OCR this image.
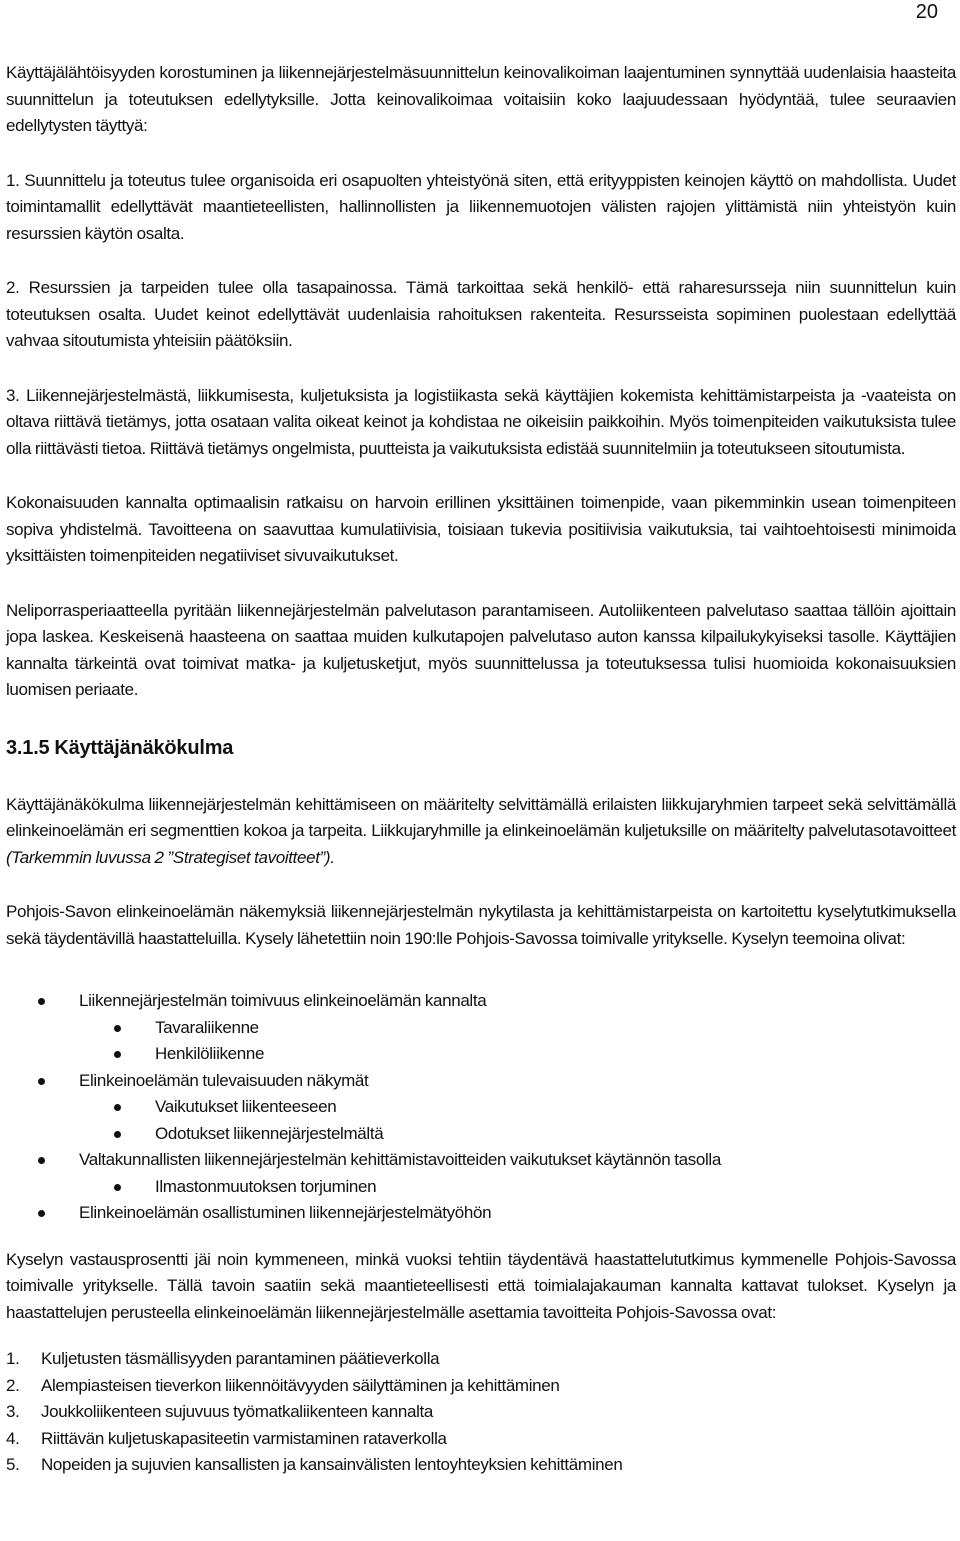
20

Käyttäjälähtöisyyden korostuminen ja liikennejärjestelmäsuunnittelun keinovalikoiman laajentuminen synnyttää uudenlaisia haasteita suunnittelun ja toteutuksen edellytyksille. Jotta keinovalikoimaa voitaisiin koko laajuudessaan hyödyntää, tulee seuraavien edellytysten täyttyä:

1. Suunnittelu ja toteutus tulee organisoida eri osapuolten yhteistyönä siten, että erityyppisten keinojen käyttö on mahdollista. Uudet toimintamallit edellyttävät maantieteellisten, hallinnollisten ja liikennemuotojen välisten rajojen ylittämistä niin yhteistyön kuin resurssien käytön osalta.

2. Resurssien ja tarpeiden tulee olla tasapainossa. Tämä tarkoittaa sekä henkilö- että raharesursseja niin suunnittelun kuin toteutuksen osalta. Uudet keinot edellyttävät uudenlaisia rahoituksen rakenteita. Resursseista sopiminen puolestaan edellyttää vahvaa sitoutumista yhteisiin päätöksiin.

3. Liikennejärjestelmästä, liikkumisesta, kuljetuksista ja logistiikasta sekä käyttäjien kokemista kehittämistarpeista ja -vaateista on oltava riittävä tietämys, jotta osataan valita oikeat keinot ja kohdistaa ne oikeisiin paikkoihin. Myös toimenpiteiden vaikutuksista tulee olla riittävästi tietoa. Riittävä tietämys ongelmista, puutteista ja vaikutuksista edistää suunnitelmiin ja toteutukseen sitoutumista.

Kokonaisuuden kannalta optimaalisin ratkaisu on harvoin erillinen yksittäinen toimenpide, vaan pikemminkin usean toimenpiteen sopiva yhdistelmä. Tavoitteena on saavuttaa kumulatiivisia, toisiaan tukevia positiivisia vaikutuksia, tai vaihtoehtoisesti minimoida yksittäisten toimenpiteiden negatiiviset sivuvaikutukset.

Neliporrasperiaatteella pyritään liikennejärjestelmän palvelutason parantamiseen. Autoliikenteen palvelutaso saattaa tällöin ajoittain jopa laskea. Keskeisenä haasteena on saattaa muiden kulkutapojen palvelutaso auton kanssa kilpailukykyiseksi tasolle. Käyttäjien kannalta tärkeintä ovat toimivat matka- ja kuljetusketjut, myös suunnittelussa ja toteutuksessa tulisi huomioida kokonaisuuksien luomisen periaate.

3.1.5 Käyttäjänäkökulma

Käyttäjänäkökulma liikennejärjestelmän kehittämiseen on määritelty selvittämällä erilaisten liikkujaryhmien tarpeet sekä selvittämällä elinkeinoelämän eri segmenttien kokoa ja tarpeita. Liikkujaryhmille ja elinkeinoelämän kuljetuksille on määritelty palvelutasotavoitteet (Tarkemmin luvussa 2 ”Strategiset tavoitteet”).

Pohjois-Savon elinkeinoelämän näkemyksiä liikennejärjestelmän nykytilasta ja kehittämistarpeista on kartoitettu kyselytutkimuksella sekä täydentävillä haastatteluilla. Kysely lähetettiin noin 190:lle Pohjois-Savossa toimivalle yritykselle. Kyselyn teemoina olivat:

Liikennejärjestelmän toimivuus elinkeinoelämän kannalta
Tavaraliikenne
Henkilöliikenne
Elinkeinoelämän tulevaisuuden näkymät
Vaikutukset liikenteeseen
Odotukset liikennejärjestelmältä
Valtakunnallisten liikennejärjestelmän kehittämistavoitteiden vaikutukset käytännön tasolla
Ilmastonmuutoksen torjuminen
Elinkeinoelämän osallistuminen liikennejärjestelmätyöhön

Kyselyn vastausprosentti jäi noin kymmeneen, minkä vuoksi tehtiin täydentävä haastattelututkimus kymmenelle Pohjois-Savossa toimivalle yritykselle. Tällä tavoin saatiin sekä maantieteellisesti että toimialajakauman kannalta kattavat tulokset. Kyselyn ja haastattelujen perusteella elinkeinoelämän liikennejärjestelmälle asettamia tavoitteita Pohjois-Savossa ovat:

1. Kuljetusten täsmällisyyden parantaminen päätieverkolla
2. Alempiasteisen tieverkon liikennöitävyyden säilyttäminen ja kehittäminen
3. Joukkoliikenteen sujuvuus työmatkaliikenteen kannalta
4. Riittävän kuljetuskapasiteetin varmistaminen rataverkolla
5. Nopeiden ja sujuvien kansallisten ja kansainvälisten lentoyhteyksien kehittäminen
